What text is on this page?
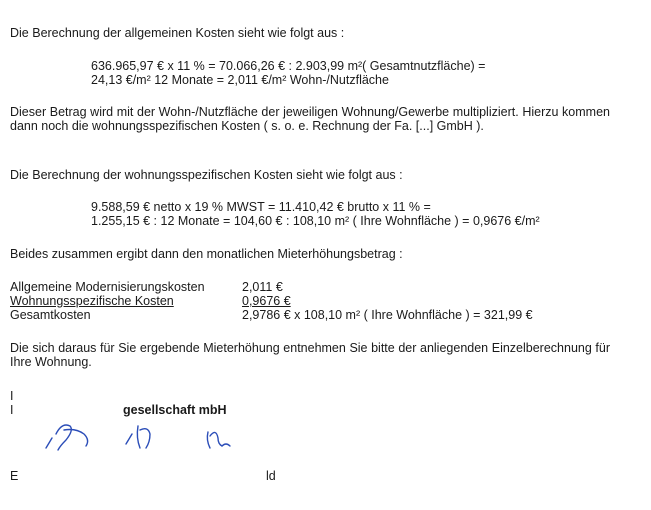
Die Berechnung der allgemeinen Kosten sieht wie folgt aus :
636.965,97 € x 11 % = 70.066,26 € : 2.903,99 m²( Gesamtnutzfläche) =
24,13 €/m² 12 Monate = 2,011 €/m² Wohn-/Nutzfläche
Dieser Betrag wird mit der Wohn-/Nutzfläche der jeweiligen Wohnung/Gewerbe multipliziert. Hierzu kommen dann noch die wohnungsspezifischen Kosten ( s. o. e. Rechnung der Fa. [...] GmbH ).
Die Berechnung der wohnungsspezifischen Kosten sieht wie folgt aus :
9.588,59 € netto x 19 % MWST = 11.410,42 € brutto x 11 % =
1.255,15 € : 12 Monate = 104,60 € : 108,10 m² ( Ihre Wohnfläche ) = 0,9676 €/m²
Beides zusammen ergibt dann den monatlichen Mieterhöhungsbetrag :
Allgemeine Modernisierungskosten	2,011 €
Wohnungsspezifische Kosten	0,9676 €
Gesamtkosten	2,9786 € x 108,10 m² ( Ihre Wohnfläche ) = 321,99 €
Die sich daraus für Sie ergebende Mieterhöhung entnehmen Sie bitte der anliegenden Einzelberechnung für Ihre Wohnung.
I
I	gesellschaft mbH
E	ld
